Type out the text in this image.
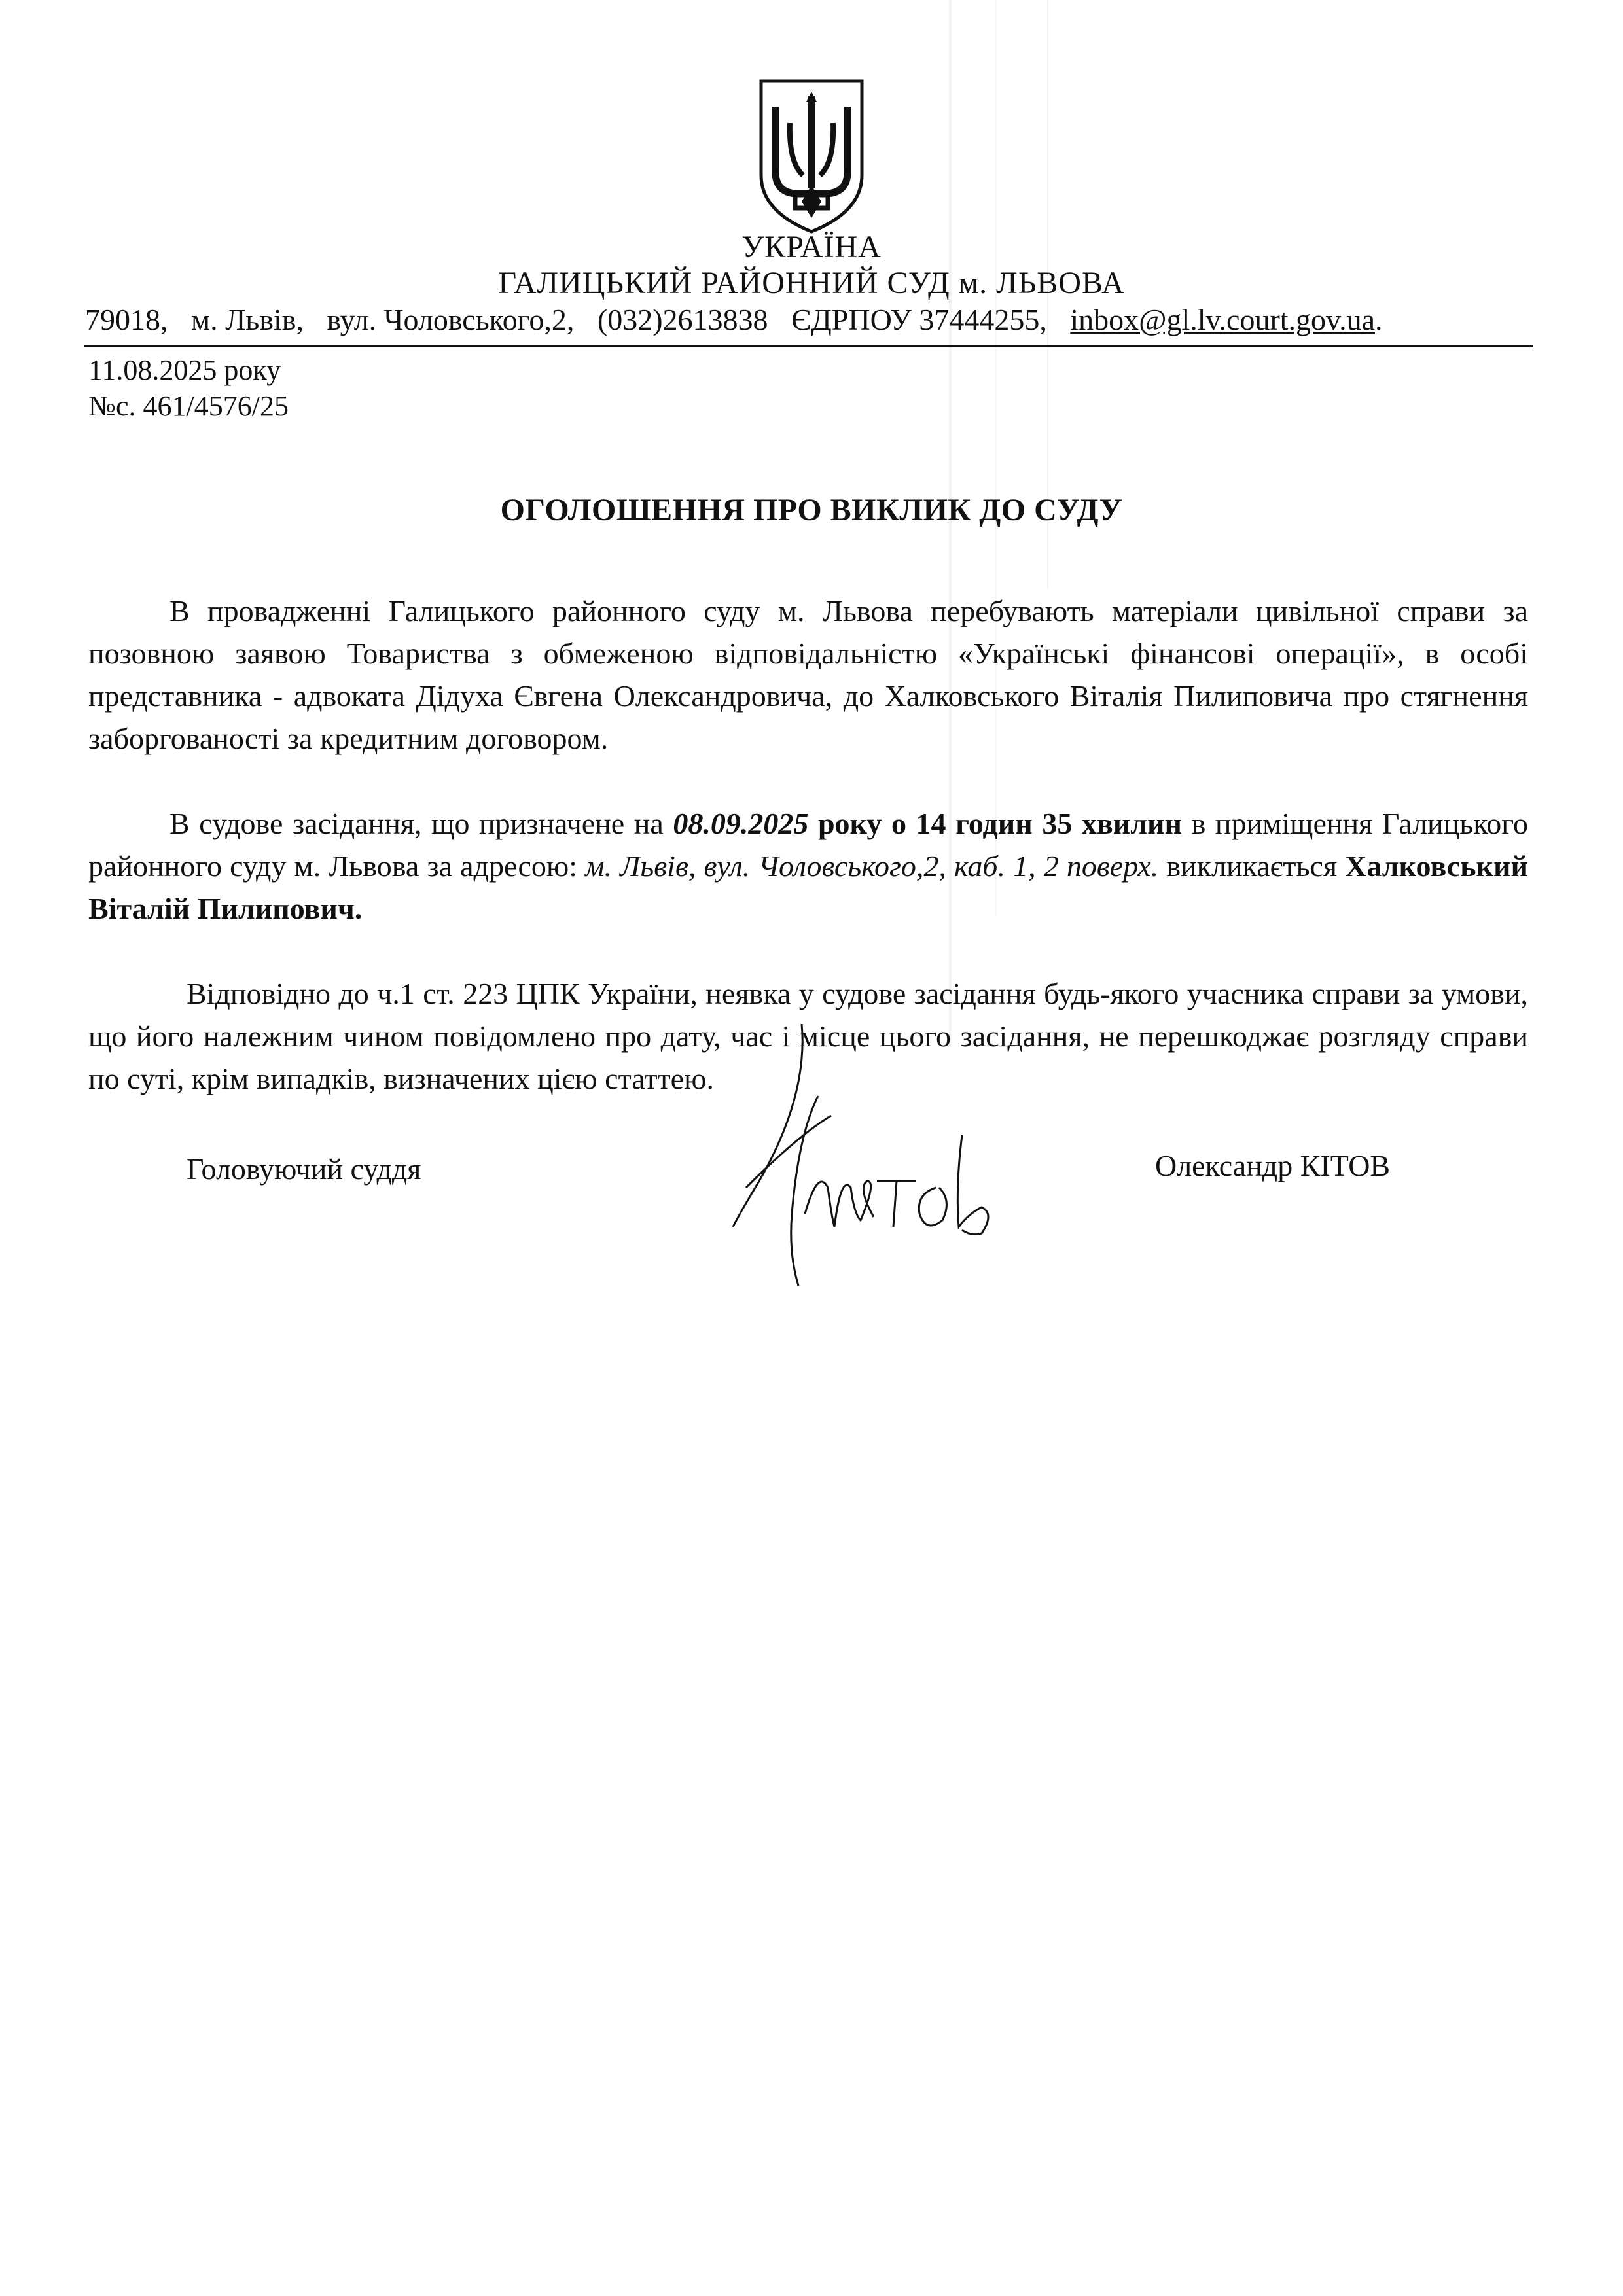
УКРАЇНА
ГАЛИЦЬКИЙ РАЙОННИЙ СУД м. ЛЬВОВА
79018, м. Львів, вул. Чоловського,2, (032)2613838 ЄДРПОУ 37444255, inbox@gl.lv.court.gov.ua.
11.08.2025 року
№с. 461/4576/25
ОГОЛОШЕННЯ ПРО ВИКЛИК ДО СУДУ

В провадженні Галицького районного суду м. Львова перебувають матеріали цивільної справи за позовною заявою Товариства з обмеженою відповідальністю «Українські фінансові операції», в особі представника - адвоката Дідуха Євгена Олександровича, до Халковського Віталія Пилиповича про стягнення заборгованості за кредитним договором.

В судове засідання, що призначене на 08.09.2025 року о 14 годин 35 хвилин в приміщення Галицького районного суду м. Львова за адресою: м. Львів, вул. Чоловського,2, каб. 1, 2 поверх. викликається Халковський Віталій Пилипович.

Відповідно до ч.1 ст. 223 ЦПК України, неявка у судове засідання будь-якого учасника справи за умови, що його належним чином повідомлено про дату, час і місце цього засідання, не перешкоджає розгляду справи по суті, крім випадків, визначених цією статтею.

Головуючий суддя	Олександр КІТОВ
